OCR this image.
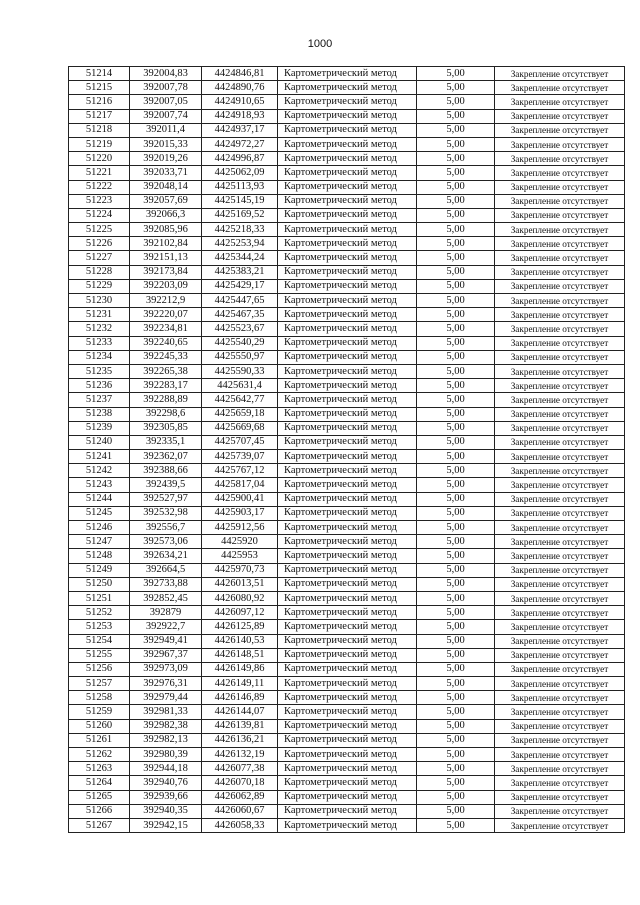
1000
51214	392004,83	4424846,81	Картометрический метод	5,00	Закрепление отсутствует
51215	392007,78	4424890,76	Картометрический метод	5,00	Закрепление отсутствует
51216	392007,05	4424910,65	Картометрический метод	5,00	Закрепление отсутствует
51217	392007,74	4424918,93	Картометрический метод	5,00	Закрепление отсутствует
51218	392011,4	4424937,17	Картометрический метод	5,00	Закрепление отсутствует
51219	392015,33	4424972,27	Картометрический метод	5,00	Закрепление отсутствует
51220	392019,26	4424996,87	Картометрический метод	5,00	Закрепление отсутствует
51221	392033,71	4425062,09	Картометрический метод	5,00	Закрепление отсутствует
51222	392048,14	4425113,93	Картометрический метод	5,00	Закрепление отсутствует
51223	392057,69	4425145,19	Картометрический метод	5,00	Закрепление отсутствует
51224	392066,3	4425169,52	Картометрический метод	5,00	Закрепление отсутствует
51225	392085,96	4425218,33	Картометрический метод	5,00	Закрепление отсутствует
51226	392102,84	4425253,94	Картометрический метод	5,00	Закрепление отсутствует
51227	392151,13	4425344,24	Картометрический метод	5,00	Закрепление отсутствует
51228	392173,84	4425383,21	Картометрический метод	5,00	Закрепление отсутствует
51229	392203,09	4425429,17	Картометрический метод	5,00	Закрепление отсутствует
51230	392212,9	4425447,65	Картометрический метод	5,00	Закрепление отсутствует
51231	392220,07	4425467,35	Картометрический метод	5,00	Закрепление отсутствует
51232	392234,81	4425523,67	Картометрический метод	5,00	Закрепление отсутствует
51233	392240,65	4425540,29	Картометрический метод	5,00	Закрепление отсутствует
51234	392245,33	4425550,97	Картометрический метод	5,00	Закрепление отсутствует
51235	392265,38	4425590,33	Картометрический метод	5,00	Закрепление отсутствует
51236	392283,17	4425631,4	Картометрический метод	5,00	Закрепление отсутствует
51237	392288,89	4425642,77	Картометрический метод	5,00	Закрепление отсутствует
51238	392298,6	4425659,18	Картометрический метод	5,00	Закрепление отсутствует
51239	392305,85	4425669,68	Картометрический метод	5,00	Закрепление отсутствует
51240	392335,1	4425707,45	Картометрический метод	5,00	Закрепление отсутствует
51241	392362,07	4425739,07	Картометрический метод	5,00	Закрепление отсутствует
51242	392388,66	4425767,12	Картометрический метод	5,00	Закрепление отсутствует
51243	392439,5	4425817,04	Картометрический метод	5,00	Закрепление отсутствует
51244	392527,97	4425900,41	Картометрический метод	5,00	Закрепление отсутствует
51245	392532,98	4425903,17	Картометрический метод	5,00	Закрепление отсутствует
51246	392556,7	4425912,56	Картометрический метод	5,00	Закрепление отсутствует
51247	392573,06	4425920	Картометрический метод	5,00	Закрепление отсутствует
51248	392634,21	4425953	Картометрический метод	5,00	Закрепление отсутствует
51249	392664,5	4425970,73	Картометрический метод	5,00	Закрепление отсутствует
51250	392733,88	4426013,51	Картометрический метод	5,00	Закрепление отсутствует
51251	392852,45	4426080,92	Картометрический метод	5,00	Закрепление отсутствует
51252	392879	4426097,12	Картометрический метод	5,00	Закрепление отсутствует
51253	392922,7	4426125,89	Картометрический метод	5,00	Закрепление отсутствует
51254	392949,41	4426140,53	Картометрический метод	5,00	Закрепление отсутствует
51255	392967,37	4426148,51	Картометрический метод	5,00	Закрепление отсутствует
51256	392973,09	4426149,86	Картометрический метод	5,00	Закрепление отсутствует
51257	392976,31	4426149,11	Картометрический метод	5,00	Закрепление отсутствует
51258	392979,44	4426146,89	Картометрический метод	5,00	Закрепление отсутствует
51259	392981,33	4426144,07	Картометрический метод	5,00	Закрепление отсутствует
51260	392982,38	4426139,81	Картометрический метод	5,00	Закрепление отсутствует
51261	392982,13	4426136,21	Картометрический метод	5,00	Закрепление отсутствует
51262	392980,39	4426132,19	Картометрический метод	5,00	Закрепление отсутствует
51263	392944,18	4426077,38	Картометрический метод	5,00	Закрепление отсутствует
51264	392940,76	4426070,18	Картометрический метод	5,00	Закрепление отсутствует
51265	392939,66	4426062,89	Картометрический метод	5,00	Закрепление отсутствует
51266	392940,35	4426060,67	Картометрический метод	5,00	Закрепление отсутствует
51267	392942,15	4426058,33	Картометрический метод	5,00	Закрепление отсутствует
